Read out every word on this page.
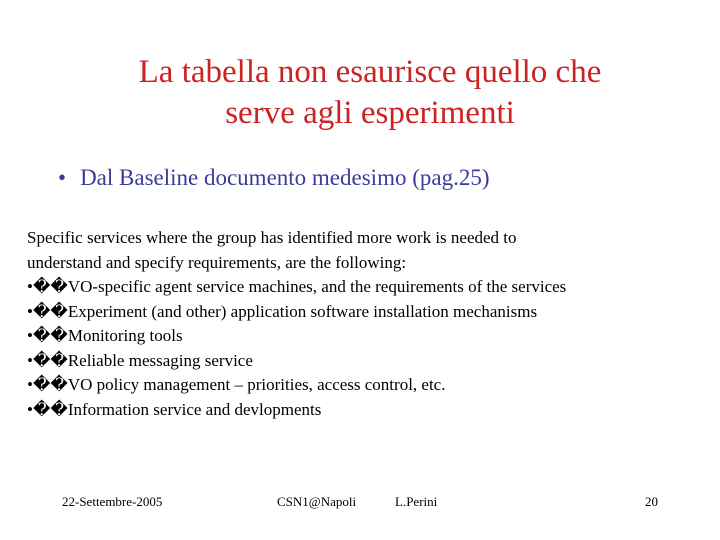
La tabella non esaurisce quello che
serve agli esperimenti
• Dal Baseline documento medesimo (pag.25)
Specific services where the group has identified more work is needed to
understand and specify requirements, are the following:
•��VO-specific agent service machines, and the requirements of the services
•��Experiment (and other) application software installation mechanisms
•��Monitoring tools
•��Reliable messaging service
•��VO policy management – priorities, access control, etc.
•��Information service and devlopments
22-Settembre-2005	CSN1@Napoli	L.Perini	20
